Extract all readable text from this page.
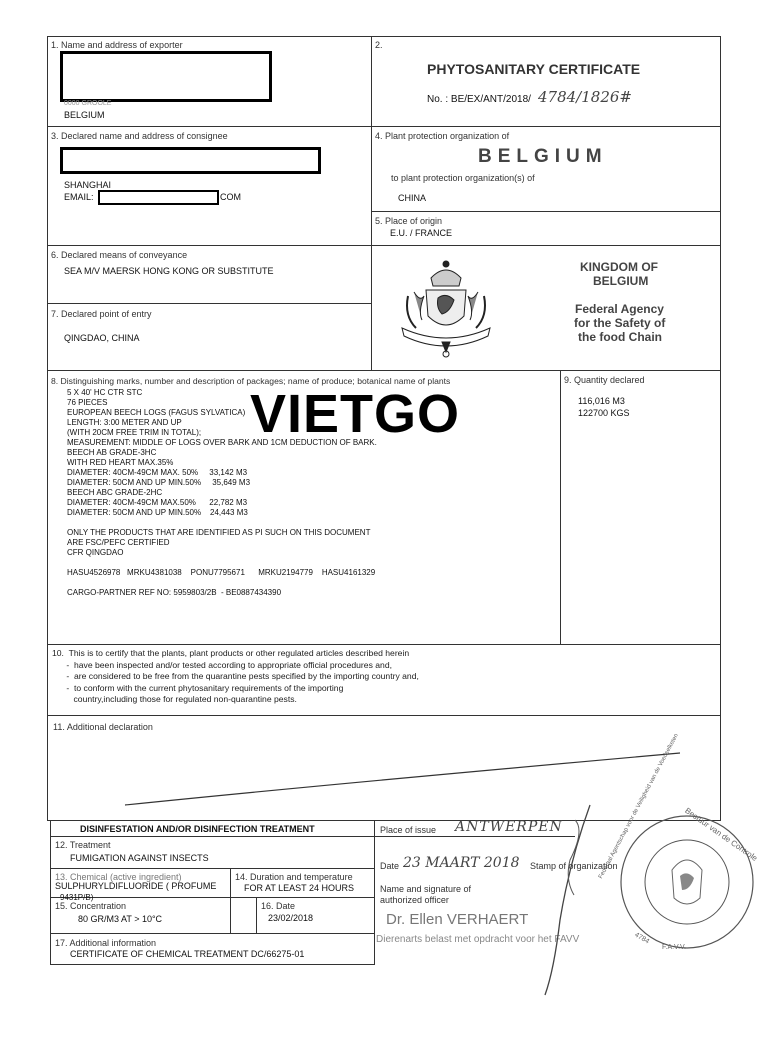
1. Name and address of exporter
0000 GROOLE
BELGIUM
2.
PHYTOSANITARY CERTIFICATE
No. : BE/EX/ANT/2018/ 4784/1826#
3. Declared name and address of consignee
SHANGHAI
EMAIL:	COM
4. Plant protection organization of
BELGIUM
to plant protection organization(s) of
CHINA
5. Place of origin
E.U. / FRANCE
6. Declared means of conveyance
SEA M/V MAERSK HONG KONG OR SUBSTITUTE	KINGDOM OF
BELGIUM
Federal Agency
for the Safety of
the food Chain
7. Declared point of entry
QINGDAO, CHINA
8. Distinguishing marks, number and description of packages; name of produce; botanical name of plants
5 X 40' HC CTR STC
76 PIECES
EUROPEAN BEECH LOGS (FAGUS SYLVATICA)
LENGTH: 3:00 METER AND UP
(WITH 20CM FREE TRIM IN TOTAL);
MEASUREMENT: MIDDLE OF LOGS OVER BARK AND 1CM DEDUCTION OF BARK.
BEECH AB GRADE-3HC
WITH RED HEART MAX.35%
DIAMETER: 40CM-49CM MAX. 50%     33,142 M3
DIAMETER: 50CM AND UP MIN.50%     35,649 M3
BEECH ABC GRADE-2HC
DIAMETER: 40CM-49CM MAX.50%      22,782 M3
DIAMETER: 50CM AND UP MIN.50%    24,443 M3

ONLY THE PRODUCTS THAT ARE IDENTIFIED AS PI SUCH ON THIS DOCUMENT
ARE FSC/PEFC CERTIFIED
CFR QINGDAO

HASU4526978   MRKU4381038    PONU7795671      MRKU2194779    HASU4161329

CARGO-PARTNER REF NO: 5959803/2B  - BE0887434390
VIETGO
9. Quantity declared
116,016 M3
122700 KGS
10.  This is to certify that the plants, plant products or other regulated articles described herein
-  have been inspected and/or tested according to appropriate official procedures and,
-  are considered to be free from the quarantine pests specified by the importing country and,
-  to conform with the current phytosanitary requirements of the importing
country,including those for regulated non-quarantine pests.
11. Additional declaration
DISINFESTATION AND/OR DISINFECTION TREATMENT
12. Treatment
FUMIGATION AGAINST INSECTS
13. Chemical (active ingredient)
SULPHURYLDIFLUORIDE ( PROFUME
9431P/B)
14. Duration and temperature
FOR AT LEAST 24 HOURS
15. Concentration
80 GR/M3 AT > 10°C
16. Date
23/02/2018
17. Additional information
CERTIFICATE OF CHEMICAL TREATMENT DC/66275-01
Place of issue ANTWERPEN
Date 23 MAART 2018 Stamp of organization
Name and signature of
authorized officer
Dr. Ellen VERHAERT
Dierenarts belast met opdracht voor het FAVV
Federaal Agentschap voor de Veiligheid van de Voedselketen Bestuur van de Controle
4784
F.A.V.V.
